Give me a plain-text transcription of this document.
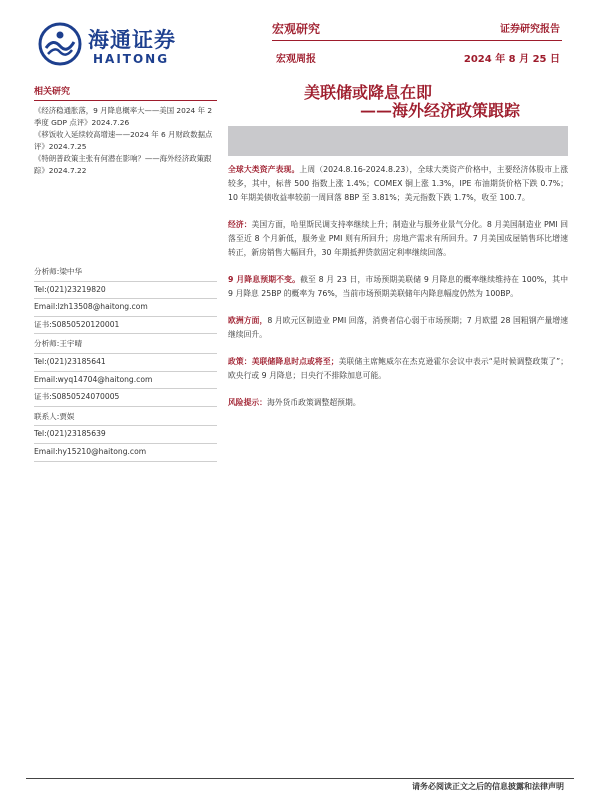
海通证券
HAITONG
宏观研究
宏观周报
证券研究报告
2024 年 8 月 25 日
相关研究
《经济稳通胀落，9 月降息概率大——美国 2024 年 2 季度 GDP 点评》2024.7.26
《移饭收入延续较高增速——2024 年 6 月财政数据点评》2024.7.25
《特朗普政策主张有何潜在影响？——海外经济政策跟踪》2024.7.22
分析师:梁中华
Tel:(021)23219820
Email:lzh13508@haitong.com
证书:S0850520120001
分析师:王宇晴
Tel:(021)23185641
Email:wyq14704@haitong.com
证书:S0850524070005
联系人:贾娱
Tel:(021)23185639
Email:hy15210@haitong.com
美联储或降息在即
——海外经济政策跟踪

全球大类资产表现。上周（2024.8.16-2024.8.23），全球大类资产价格中，主要经济体股市上涨较多，其中，标普 500 指数上涨 1.4%；COMEX 铜上涨 1.3%，IPE 布油期货价格下跌 0.7%；10 年期美债收益率较前一周回落 8BP 至 3.81%；美元指数下跌 1.7%，收至 100.7。

经济：美国方面，哈里斯民调支持率继续上升；制造业与服务业景气分化。8 月美国制造业 PMI 回落至近 8 个月新低，服务业 PMI 则有所回升；房地产需求有所回升。7 月美国成屋销售环比增速转正，新房销售大幅回升，30 年期抵押贷款固定利率继续回落。

9 月降息预期不变。截至 8 月 23 日，市场预期美联储 9 月降息的概率继续维持在 100%，其中 9 月降息 25BP 的概率为 76%，当前市场预期美联储年内降息幅度仍然为 100BP。

欧洲方面，8 月欧元区制造业 PMI 回落，消费者信心弱于市场预期；7 月欧盟 28 国粗钢产量增速继续回升。

政策：美联储降息时点或将至；美联储主席鲍威尔在杰克逊霍尔会议中表示“是时候调整政策了”；欧央行或 9 月降息；日央行不排除加息可能。

风险提示：海外货币政策调整超预期。

请务必阅读正文之后的信息披露和法律声明
